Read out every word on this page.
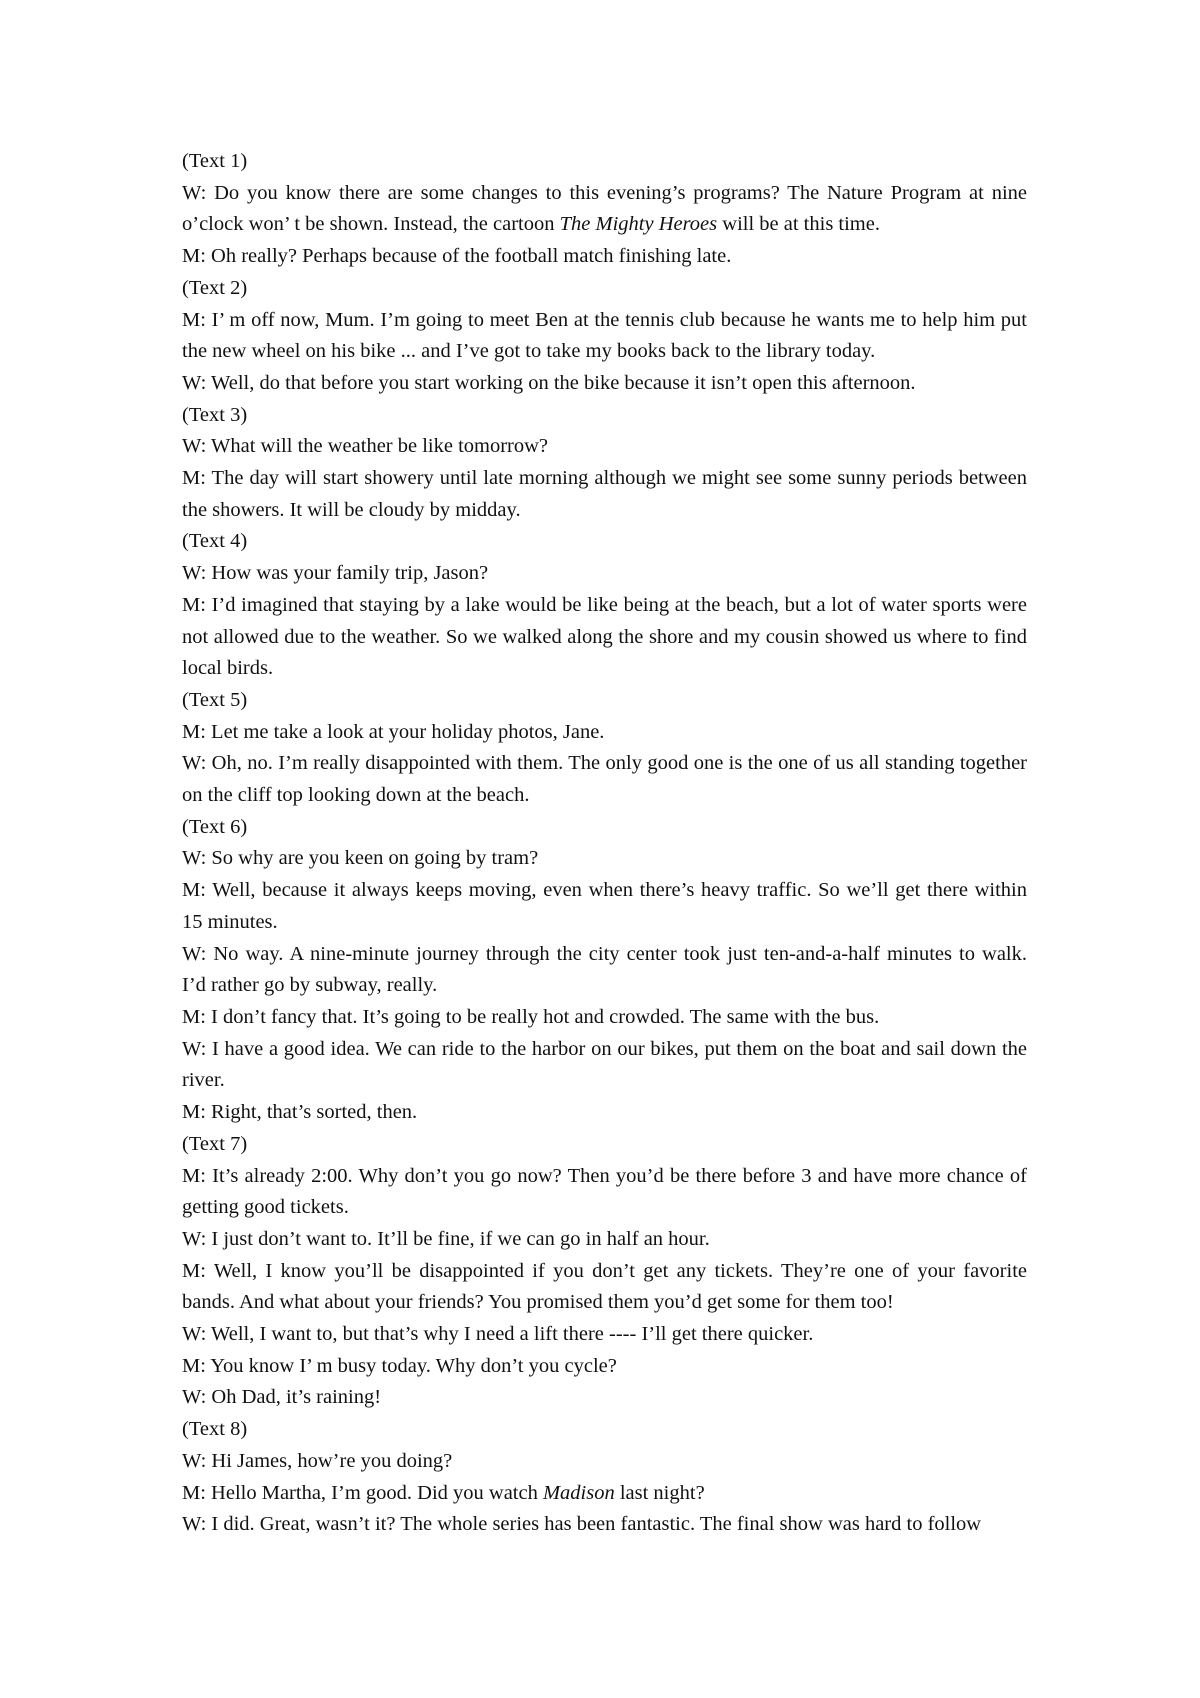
(Text 1)

W: Do you know there are some changes to this evening’s programs? The Nature Program at nine o’clock won’ t be shown. Instead, the cartoon The Mighty Heroes will be at this time.

M: Oh really? Perhaps because of the football match finishing late.

(Text 2)

M: I’ m off now, Mum. I’m going to meet Ben at the tennis club because he wants me to help him put the new wheel on his bike ... and I’ve got to take my books back to the library today.

W: Well, do that before you start working on the bike because it isn’t open this afternoon.

(Text 3)

W: What will the weather be like tomorrow?

M: The day will start showery until late morning although we might see some sunny periods between the showers. It will be cloudy by midday.

(Text 4)

W: How was your family trip, Jason?

M: I’d imagined that staying by a lake would be like being at the beach, but a lot of water sports were not allowed due to the weather. So we walked along the shore and my cousin showed us where to find local birds.

(Text 5)

M: Let me take a look at your holiday photos, Jane.

W: Oh, no. I’m really disappointed with them. The only good one is the one of us all standing together on the cliff top looking down at the beach.

(Text 6)

W: So why are you keen on going by tram?

M: Well, because it always keeps moving, even when there’s heavy traffic. So we’ll get there within 15 minutes.

W: No way. A nine-minute journey through the city center took just ten-and-a-half minutes to walk. I’d rather go by subway, really.

M: I don’t fancy that. It’s going to be really hot and crowded. The same with the bus.

W: I have a good idea. We can ride to the harbor on our bikes, put them on the boat and sail down the river.

M: Right, that’s sorted, then.

(Text 7)

M: It’s already 2:00. Why don’t you go now? Then you’d be there before 3 and have more chance of getting good tickets.

W: I just don’t want to. It’ll be fine, if we can go in half an hour.

M: Well, I know you’ll be disappointed if you don’t get any tickets. They’re one of your favorite bands. And what about your friends? You promised them you’d get some for them too!

W: Well, I want to, but that’s why I need a lift there ---- I’ll get there quicker.

M: You know I’ m busy today. Why don’t you cycle?

W: Oh Dad, it’s raining!

(Text 8)

W: Hi James, how’re you doing?

M: Hello Martha, I’m good. Did you watch Madison last night?

W: I did. Great, wasn’t it? The whole series has been fantastic. The final show was hard to follow
